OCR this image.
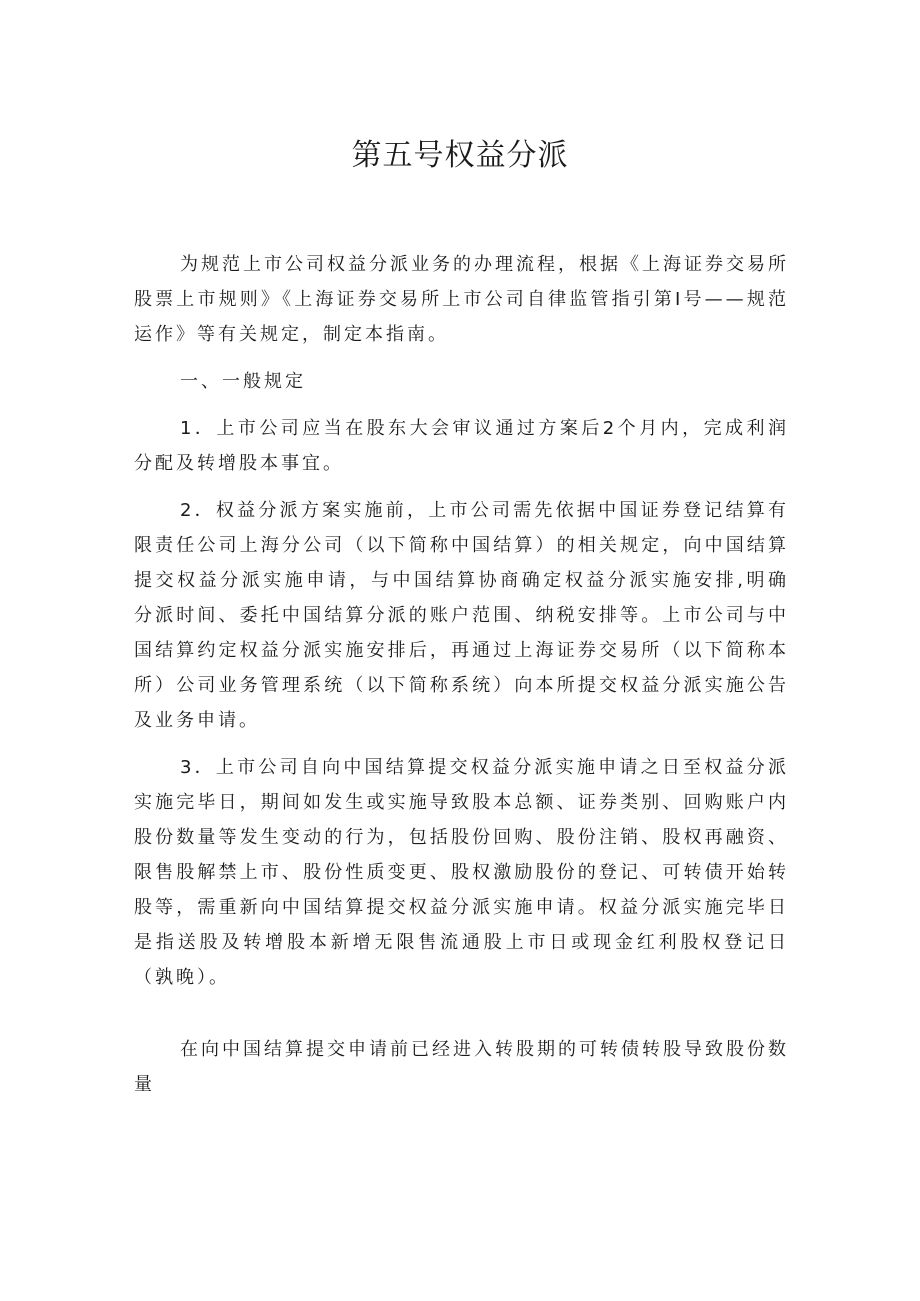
第五号权益分派

为规范上市公司权益分派业务的办理流程，根据《上海证券交易所股票上市规则》《上海证券交易所上市公司自律监管指引第Ⅰ号——规范运作》等有关规定，制定本指南。

一、一般规定

1．上市公司应当在股东大会审议通过方案后2个月内，完成利润分配及转增股本事宜。

2．权益分派方案实施前，上市公司需先依据中国证券登记结算有限责任公司上海分公司（以下简称中国结算）的相关规定，向中国结算提交权益分派实施申请，与中国结算协商确定权益分派实施安排,明确分派时间、委托中国结算分派的账户范围、纳税安排等。上市公司与中国结算约定权益分派实施安排后，再通过上海证券交易所（以下简称本所）公司业务管理系统（以下简称系统）向本所提交权益分派实施公告及业务申请。

3．上市公司自向中国结算提交权益分派实施申请之日至权益分派实施完毕日，期间如发生或实施导致股本总额、证券类别、回购账户内股份数量等发生变动的行为，包括股份回购、股份注销、股权再融资、限售股解禁上市、股份性质变更、股权激励股份的登记、可转债开始转股等，需重新向中国结算提交权益分派实施申请。权益分派实施完毕日是指送股及转增股本新增无限售流通股上市日或现金红利股权登记日（孰晚）。

在向中国结算提交申请前已经进入转股期的可转债转股导致股份数量
